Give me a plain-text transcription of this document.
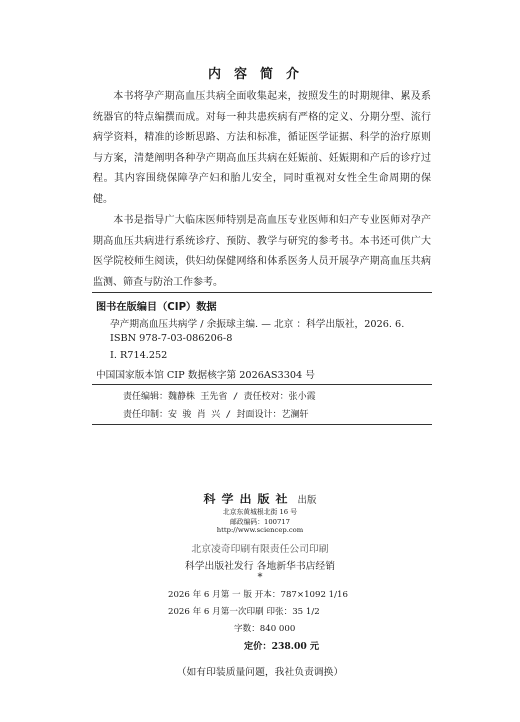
内容简介

本书将孕产期高血压共病全面收集起来，按照发生的时期规律、累及系统器官的特点编撰而成。对每一种共患疾病有严格的定义、分期分型、流行病学资料，精准的诊断思路、方法和标准，循证医学证据、科学的治疗原则与方案，清楚阐明各种孕产期高血压共病在妊娠前、妊娠期和产后的诊疗过程。其内容围绕保障孕产妇和胎儿安全，同时重视对女性全生命周期的保健。

本书是指导广大临床医师特别是高血压专业医师和妇产专业医师对孕产期高血压共病进行系统诊疗、预防、教学与研究的参考书。本书还可供广大医学院校师生阅读，供妇幼保健网络和体系医务人员开展孕产期高血压共病监测、筛查与防治工作参考。

图书在版编目（CIP）数据
孕产期高血压共病学 / 余振球主编. — 北京 ：科学出版社，2026. 6.
ISBN 978-7-03-086206-8
Ⅰ. R714.252
中国国家版本馆 CIP 数据核字第 2026AS3304 号
责任编辑：魏静株 王先省 / 责任校对：张小霞
责任印制：安 骏 肖 兴 / 封面设计：艺澜轩
科学出版社 出版
北京东黄城根北街 16 号
邮政编码：100717
http://www.sciencep.com
北京凌奇印刷有限责任公司印刷
科学出版社发行 各地新华书店经销
*
2026 年 6 月第 一 版 开本：787×1092 1/16
2026 年 6 月第一次印刷 印张：35 1/2
字数：840 000
定价：238.00 元
（如有印装质量问题，我社负责调换）
